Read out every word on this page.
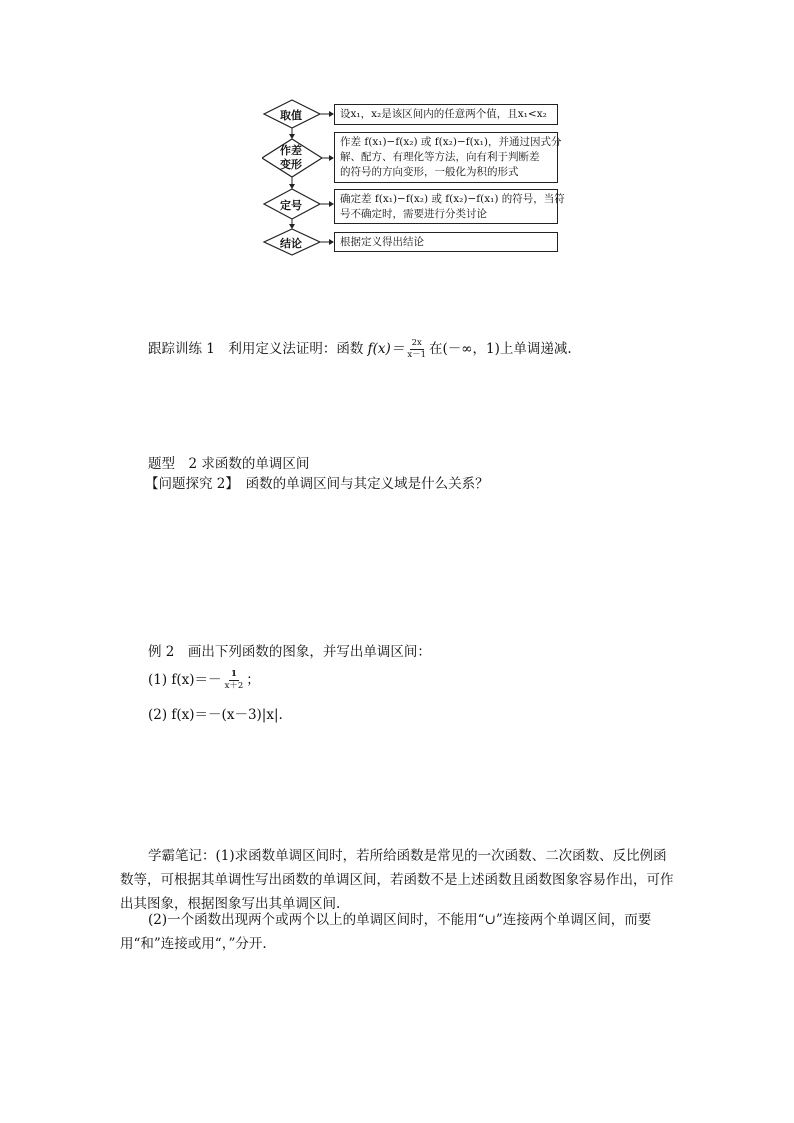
取值
作差
变形
定号
结论
设x₁，x₂是该区间内的任意两个值，且x₁<x₂
作差 f(x₁)−f(x₂) 或 f(x₂)−f(x₁)，并通过因式分
解、配方、有理化等方法，向有利于判断差
的符号的方向变形，一般化为积的形式
确定差 f(x₁)−f(x₂) 或 f(x₂)−f(x₁) 的符号，当符
号不确定时，需要进行分类讨论
根据定义得出结论
跟踪训练 1　利用定义法证明：函数 $f(x)= \frac{2x}{x-1}$ 在(－∞，1)上单调递减.
题型　2 求函数的单调区间
【问题探究 2】　函数的单调区间与其定义域是什么关系？
例 2　画出下列函数的图象，并写出单调区间：
(1) $f(x)=- \frac{1}{x+2}$ ；
(2) f(x)＝－(x－3)|x|.
学霸笔记：(1)求函数单调区间时，若所给函数是常见的一次函数、二次函数、反比例函数等，可根据其单调性写出函数的单调区间，若函数不是上述函数且函数图象容易作出，可作出其图象，根据图象写出其单调区间.
(2)一个函数出现两个或两个以上的单调区间时，不能用“∪”连接两个单调区间，而要用“和”连接或用“，”分开.
